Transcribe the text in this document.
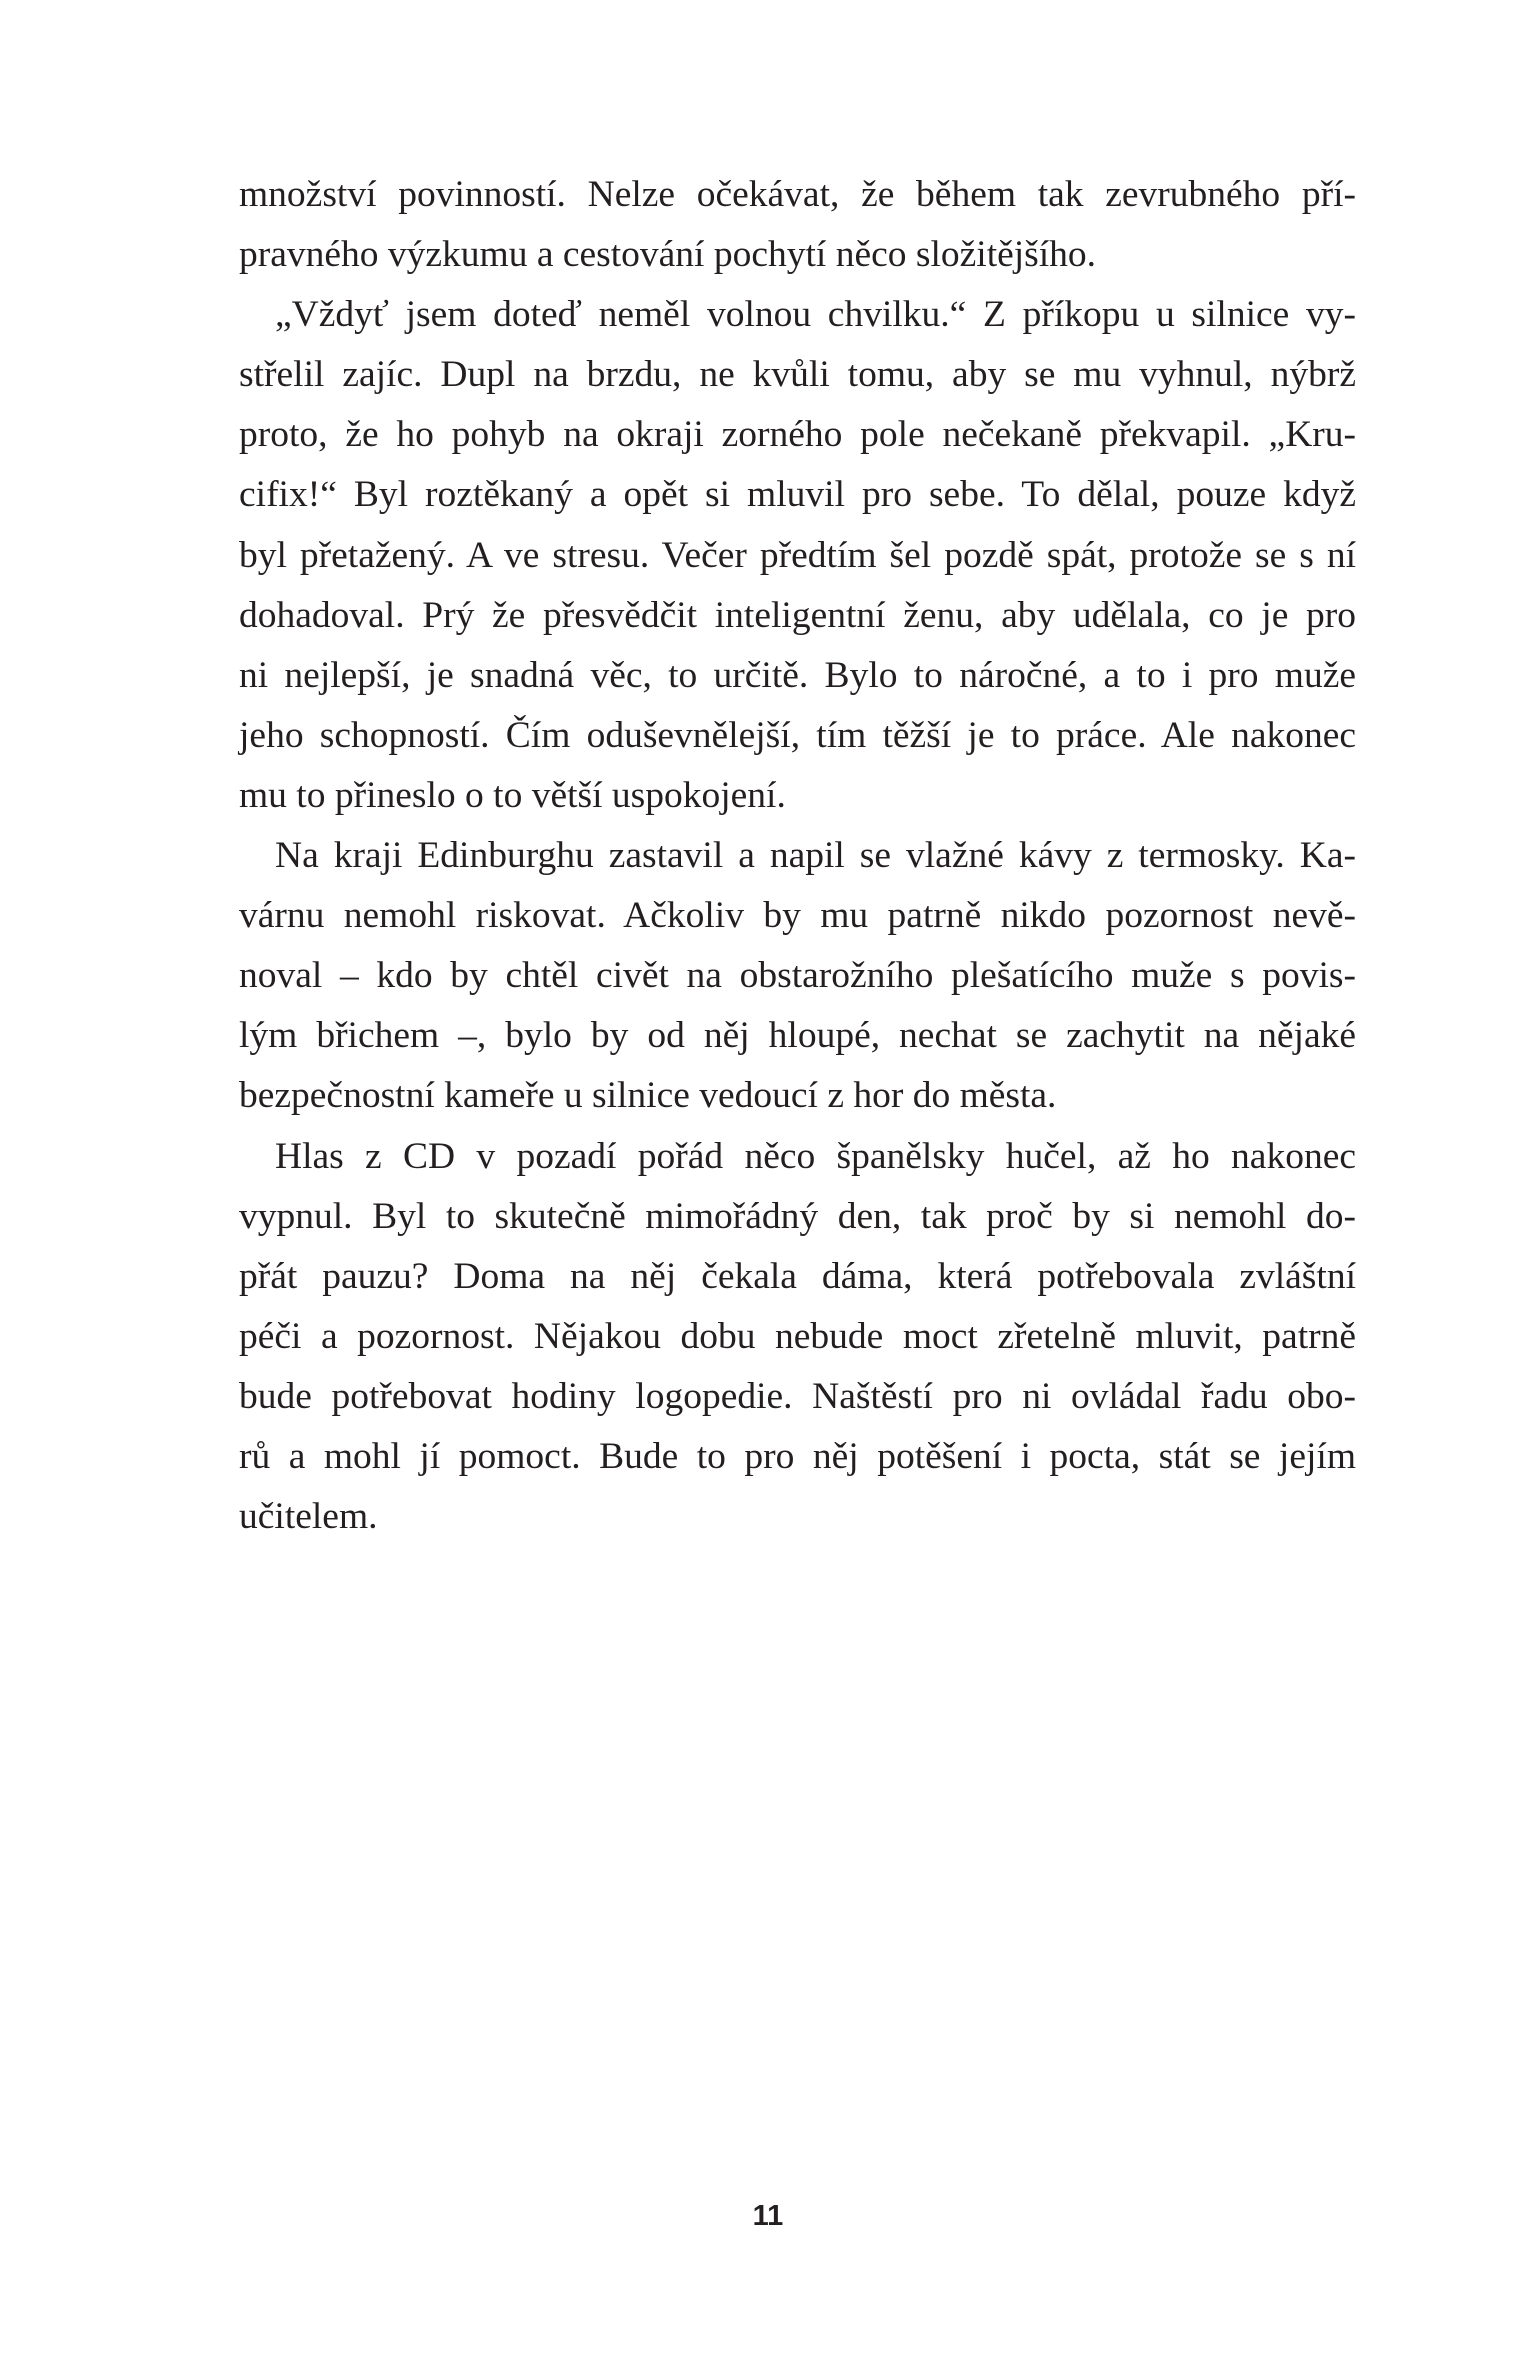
množství povinností. Nelze očekávat, že během tak zevrubného pří-
pravného výzkumu a cestování pochytí něco složitějšího.
„Vždyť jsem doteď neměl volnou chvilku.“ Z příkopu u silnice vy-
střelil zajíc. Dupl na brzdu, ne kvůli tomu, aby se mu vyhnul, nýbrž
proto, že ho pohyb na okraji zorného pole nečekaně překvapil. „Kru-
cifix!“ Byl roztěkaný a opět si mluvil pro sebe. To dělal, pouze když
byl přetažený. A ve stresu. Večer předtím šel pozdě spát, protože se s ní
dohadoval. Prý že přesvědčit inteligentní ženu, aby udělala, co je pro
ni nejlepší, je snadná věc, to určitě. Bylo to náročné, a to i pro muže
jeho schopností. Čím oduševnělejší, tím těžší je to práce. Ale nakonec
mu to přineslo o to větší uspokojení.
Na kraji Edinburghu zastavil a napil se vlažné kávy z termosky. Ka-
várnu nemohl riskovat. Ačkoliv by mu patrně nikdo pozornost nevě-
noval – kdo by chtěl civět na obstarožního plešatícího muže s povis-
lým břichem –, bylo by od něj hloupé, nechat se zachytit na nějaké
bezpečnostní kameře u silnice vedoucí z hor do města.
Hlas z CD v pozadí pořád něco španělsky hučel, až ho nakonec
vypnul. Byl to skutečně mimořádný den, tak proč by si nemohl do-
přát pauzu? Doma na něj čekala dáma, která potřebovala zvláštní
péči a pozornost. Nějakou dobu nebude moct zřetelně mluvit, patrně
bude potřebovat hodiny logopedie. Naštěstí pro ni ovládal řadu obo-
rů a mohl jí pomoct. Bude to pro něj potěšení i pocta, stát se jejím
učitelem.
11
